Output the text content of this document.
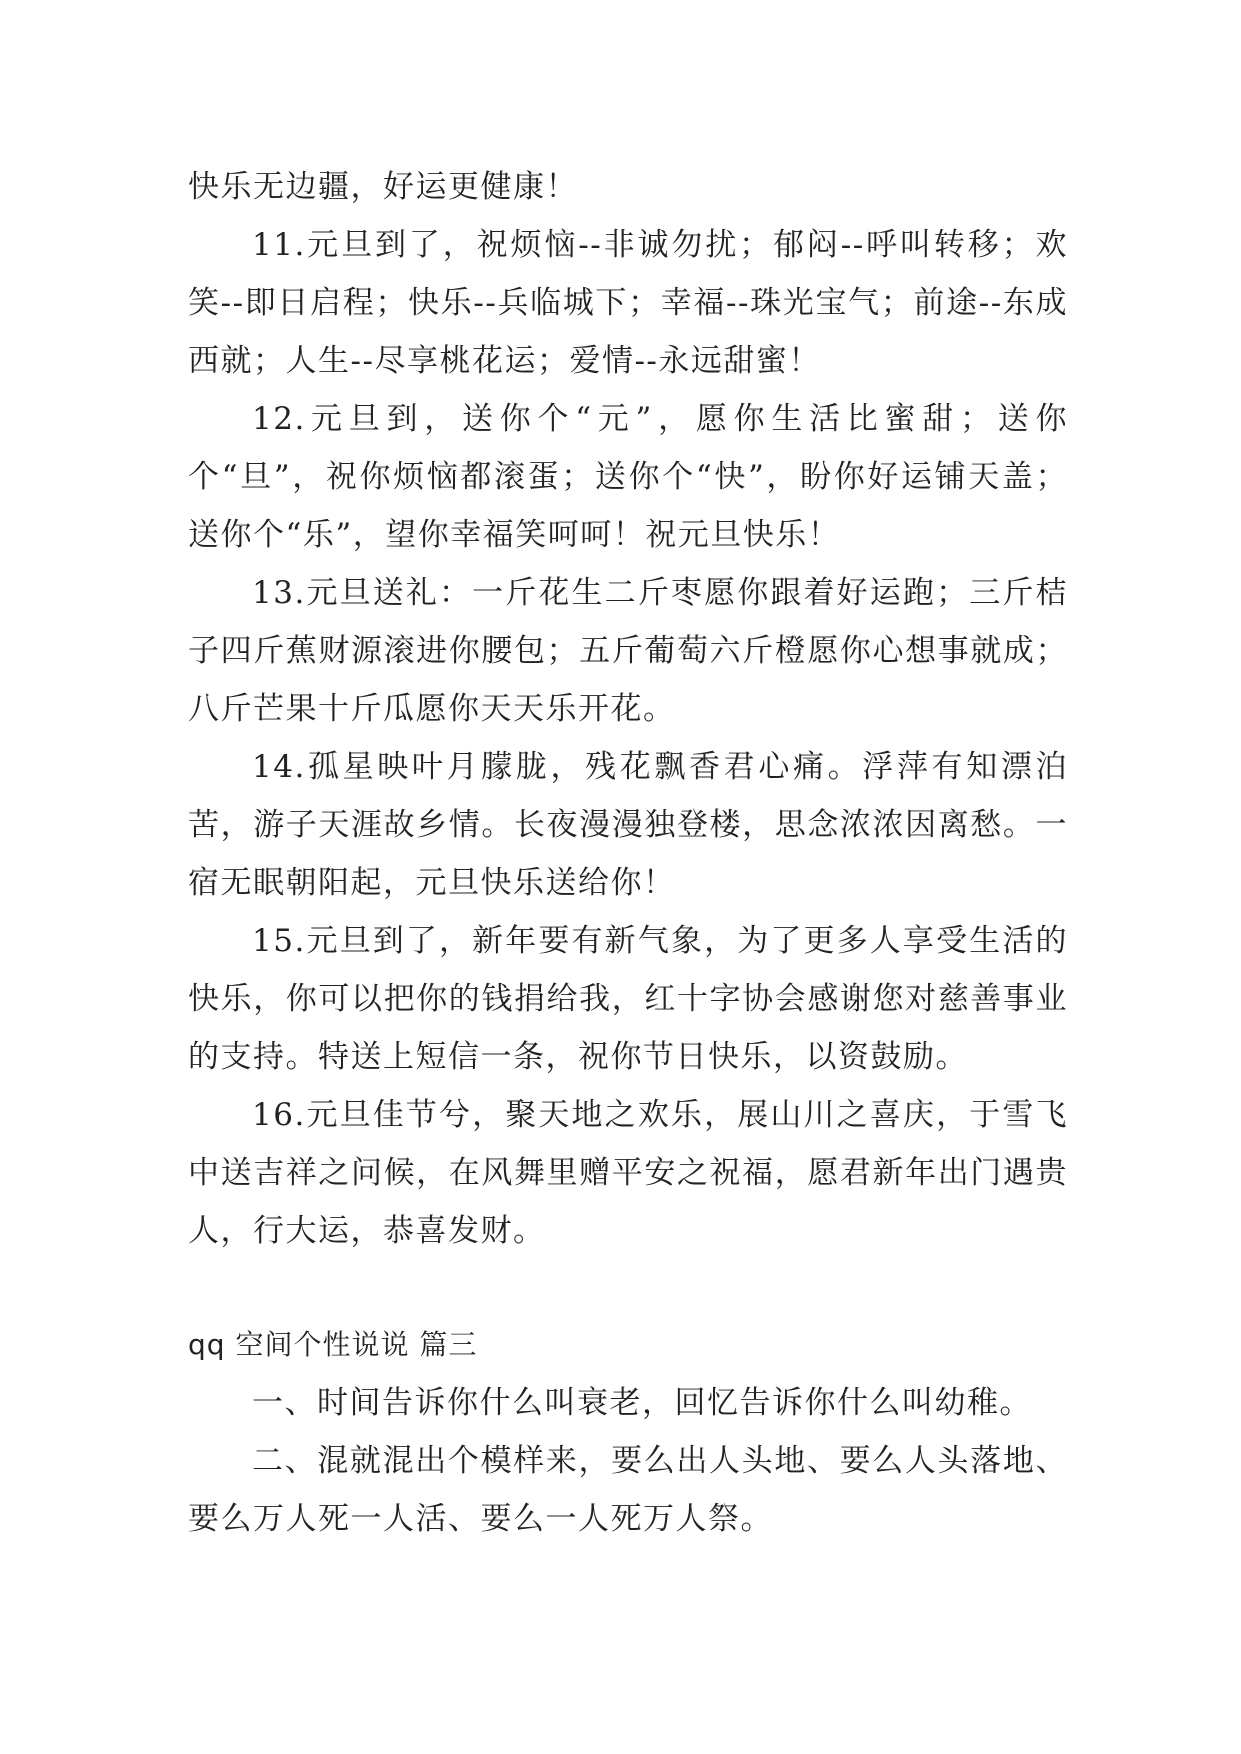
快乐无边疆，好运更健康！

11.元旦到了，祝烦恼--非诚勿扰；郁闷--呼叫转移；欢笑--即日启程；快乐--兵临城下；幸福--珠光宝气；前途--东成西就；人生--尽享桃花运；爱情--永远甜蜜！

12.元旦到，送你个“元”，愿你生活比蜜甜；送你个“旦”，祝你烦恼都滚蛋；送你个“快”，盼你好运铺天盖；送你个“乐”，望你幸福笑呵呵！祝元旦快乐！

13.元旦送礼：一斤花生二斤枣愿你跟着好运跑；三斤桔子四斤蕉财源滚进你腰包；五斤葡萄六斤橙愿你心想事就成；八斤芒果十斤瓜愿你天天乐开花。

14.孤星映叶月朦胧，残花飘香君心痛。浮萍有知漂泊苦，游子天涯故乡情。长夜漫漫独登楼，思念浓浓因离愁。一宿无眠朝阳起，元旦快乐送给你！

15.元旦到了，新年要有新气象，为了更多人享受生活的快乐，你可以把你的钱捐给我，红十字协会感谢您对慈善事业的支持。特送上短信一条，祝你节日快乐，以资鼓励。

16.元旦佳节兮，聚天地之欢乐，展山川之喜庆，于雪飞中送吉祥之问候，在风舞里赠平安之祝福，愿君新年出门遇贵人，行大运，恭喜发财。

qq 空间个性说说 篇三

一、时间告诉你什么叫衰老，回忆告诉你什么叫幼稚。

二、混就混出个模样来，要么出人头地、要么人头落地、要么万人死一人活、要么一人死万人祭。
